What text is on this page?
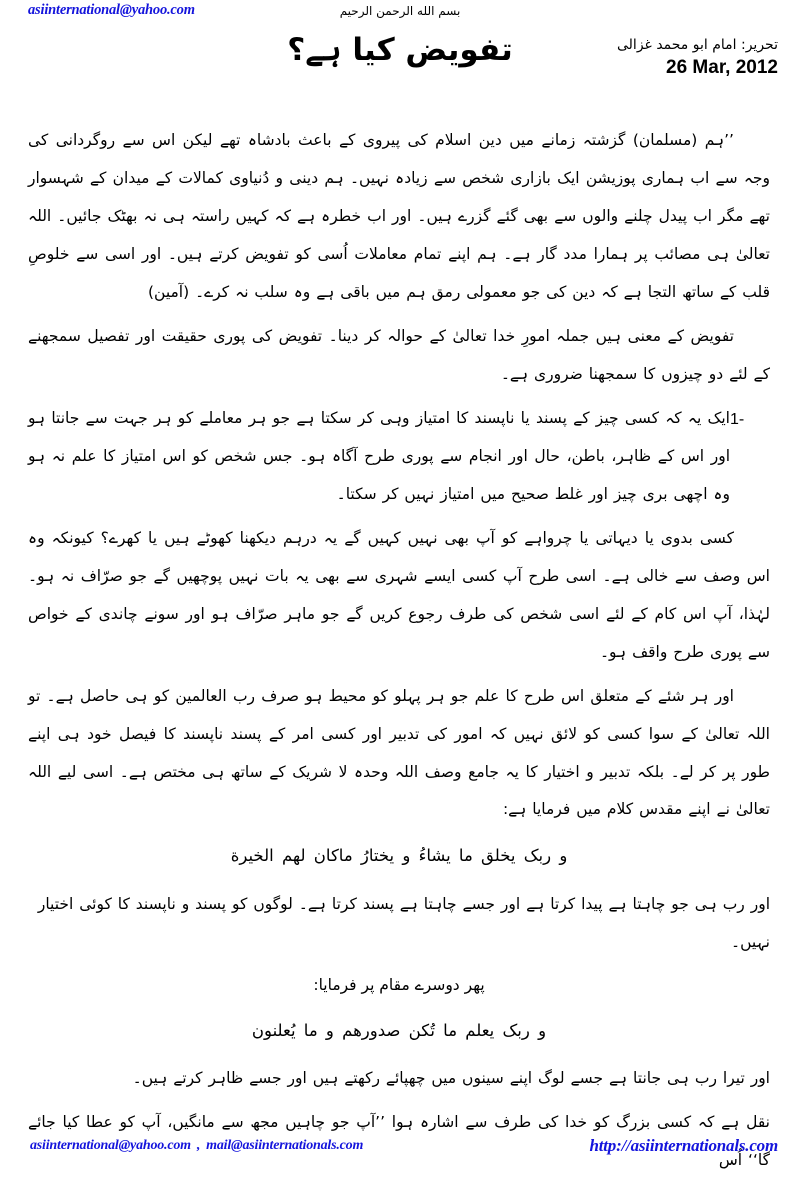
asiinternational@yahoo.com	بسم الله الرحمن الرحيم
تفویض کیا ہے؟	تحریر: امام ابو محمد غزالی
26 Mar, 2012

’’ہم (مسلمان) گزشتہ زمانے میں دین اسلام کی پیروی کے باعث بادشاہ تھے لیکن اس سے روگردانی کی وجہ سے اب ہماری پوزیشن ایک بازاری شخص سے زیادہ نہیں۔ ہم دینی و دُنیاوی کمالات کے میدان کے شہسوار تھے مگر اب پیدل چلنے والوں سے بھی گئے گزرے ہیں۔ اور اب خطرہ ہے کہ کہیں راستہ ہی نہ بھٹک جائیں۔ اللہ تعالیٰ ہی مصائب پر ہمارا مدد گار ہے۔ ہم اپنے تمام معاملات اُسی کو تفویض کرتے ہیں۔ اور اسی سے خلوصِ قلب کے ساتھ التجا ہے کہ دین کی جو معمولی رمق ہم میں باقی ہے وہ سلب نہ کرے۔ (آمین)

تفویض کے معنی ہیں جملہ امورِ خدا تعالیٰ کے حوالہ کر دینا۔ تفویض کی پوری حقیقت اور تفصیل سمجھنے کے لئے دو چیزوں کا سمجھنا ضروری ہے۔

1-
ایک یہ کہ کسی چیز کے پسند یا ناپسند کا امتیاز وہی کر سکتا ہے جو ہر معاملے کو ہر جہت سے جانتا ہو اور اس کے ظاہر، باطن، حال اور انجام سے پوری طرح آگاہ ہو۔ جس شخص کو اس امتیاز کا علم نہ ہو وہ اچھی بری چیز اور غلط صحیح میں امتیاز نہیں کر سکتا۔

کسی بدوی یا دیہاتی یا چرواہے کو آپ بھی نہیں کہیں گے یہ درہم دیکھنا کھوٹے ہیں یا کھرے؟ کیونکہ وہ اس وصف سے خالی ہے۔ اسی طرح آپ کسی ایسے شہری سے بھی یہ بات نہیں پوچھیں گے جو صرّاف نہ ہو۔ لہٰذا، آپ اس کام کے لئے اسی شخص کی طرف رجوع کریں گے جو ماہر صرّاف ہو اور سونے چاندی کے خواص سے پوری طرح واقف ہو۔

اور ہر شئے کے متعلق اس طرح کا علم جو ہر پہلو کو محیط ہو صرف رب العالمین کو ہی حاصل ہے۔ تو اللہ تعالیٰ کے سوا کسی کو لائق نہیں کہ امور کی تدبیر اور کسی امر کے پسند ناپسند کا فیصل خود ہی اپنے طور پر کر لے۔ بلکہ تدبیر و اختیار کا یہ جامع وصف اللہ وحدہ لا شریک کے ساتھ ہی مختص ہے۔ اسی لیے اللہ تعالیٰ نے اپنے مقدس کلام میں فرمایا ہے:

و ربک یخلق ما یشاءُ و یختارُ ماکان لھم الخیرة

اور رب ہی جو چاہتا ہے پیدا کرتا ہے اور جسے چاہتا ہے پسند کرتا ہے۔ لوگوں کو پسند و ناپسند کا کوئی اختیار نہیں۔

پھر دوسرے مقام پر فرمایا:

و ربک یعلم ما تُکن صدورھم و ما یُعلنون

اور تیرا رب ہی جانتا ہے جسے لوگ اپنے سینوں میں چھپائے رکھتے ہیں اور جسے ظاہر کرتے ہیں۔

نقل ہے کہ کسی بزرگ کو خدا کی طرف سے اشارہ ہوا ’’آپ جو چاہیں مجھ سے مانگیں، آپ کو عطا کیا جائے گا‘‘ اُس

asiinternational@yahoo.com , mail@asiinternationals.com	http://asiinternationals.com
